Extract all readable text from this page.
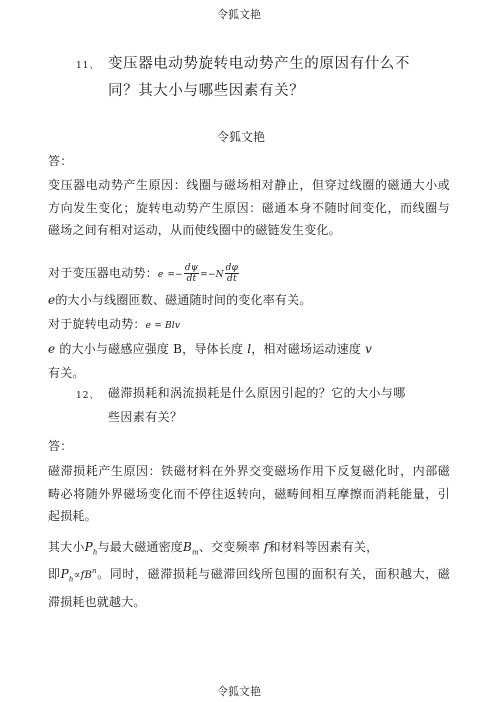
令狐文艳
令狐文艳
令狐文艳
11、 变压器电动势旋转电动势产生的原因有什么不
同？其大小与哪些因素有关？
答：
变压器电动势产生原因：线圈与磁场相对静止，但穿过线圈的磁通大小或方向发生变化；旋转电动势产生原因：磁通本身不随时间变化，而线圈与磁场之间有相对运动，从而使线圈中的磁链发生变化。
对于变压器电动势：$e =- \frac{d\psi}{dt} =-N \frac{d\varphi}{dt}$
e的大小与线圈匝数、磁通随时间的变化率有关。
对于旋转电动势：e = Blv
e 的大小与磁感应强度 B，导体长度 l，相对磁场运动速度 v
有关。
12、 磁滞损耗和涡流损耗是什么原因引起的？它的大小与哪
些因素有关？
答：
磁滞损耗产生原因：铁磁材料在外界交变磁场作用下反复磁化时，内部磁畴必将随外界磁场变化而不停往返转向，磁畴间相互摩擦而消耗能量，引起损耗。
其大小$P_h$与最大磁通密度$B_m$、交变频率 f和材料等因素有关，
即$P_h\propto fB^n$。同时，磁滞损耗与磁滞回线所包围的面积有关，面积越大，磁滞损耗也就越大。
